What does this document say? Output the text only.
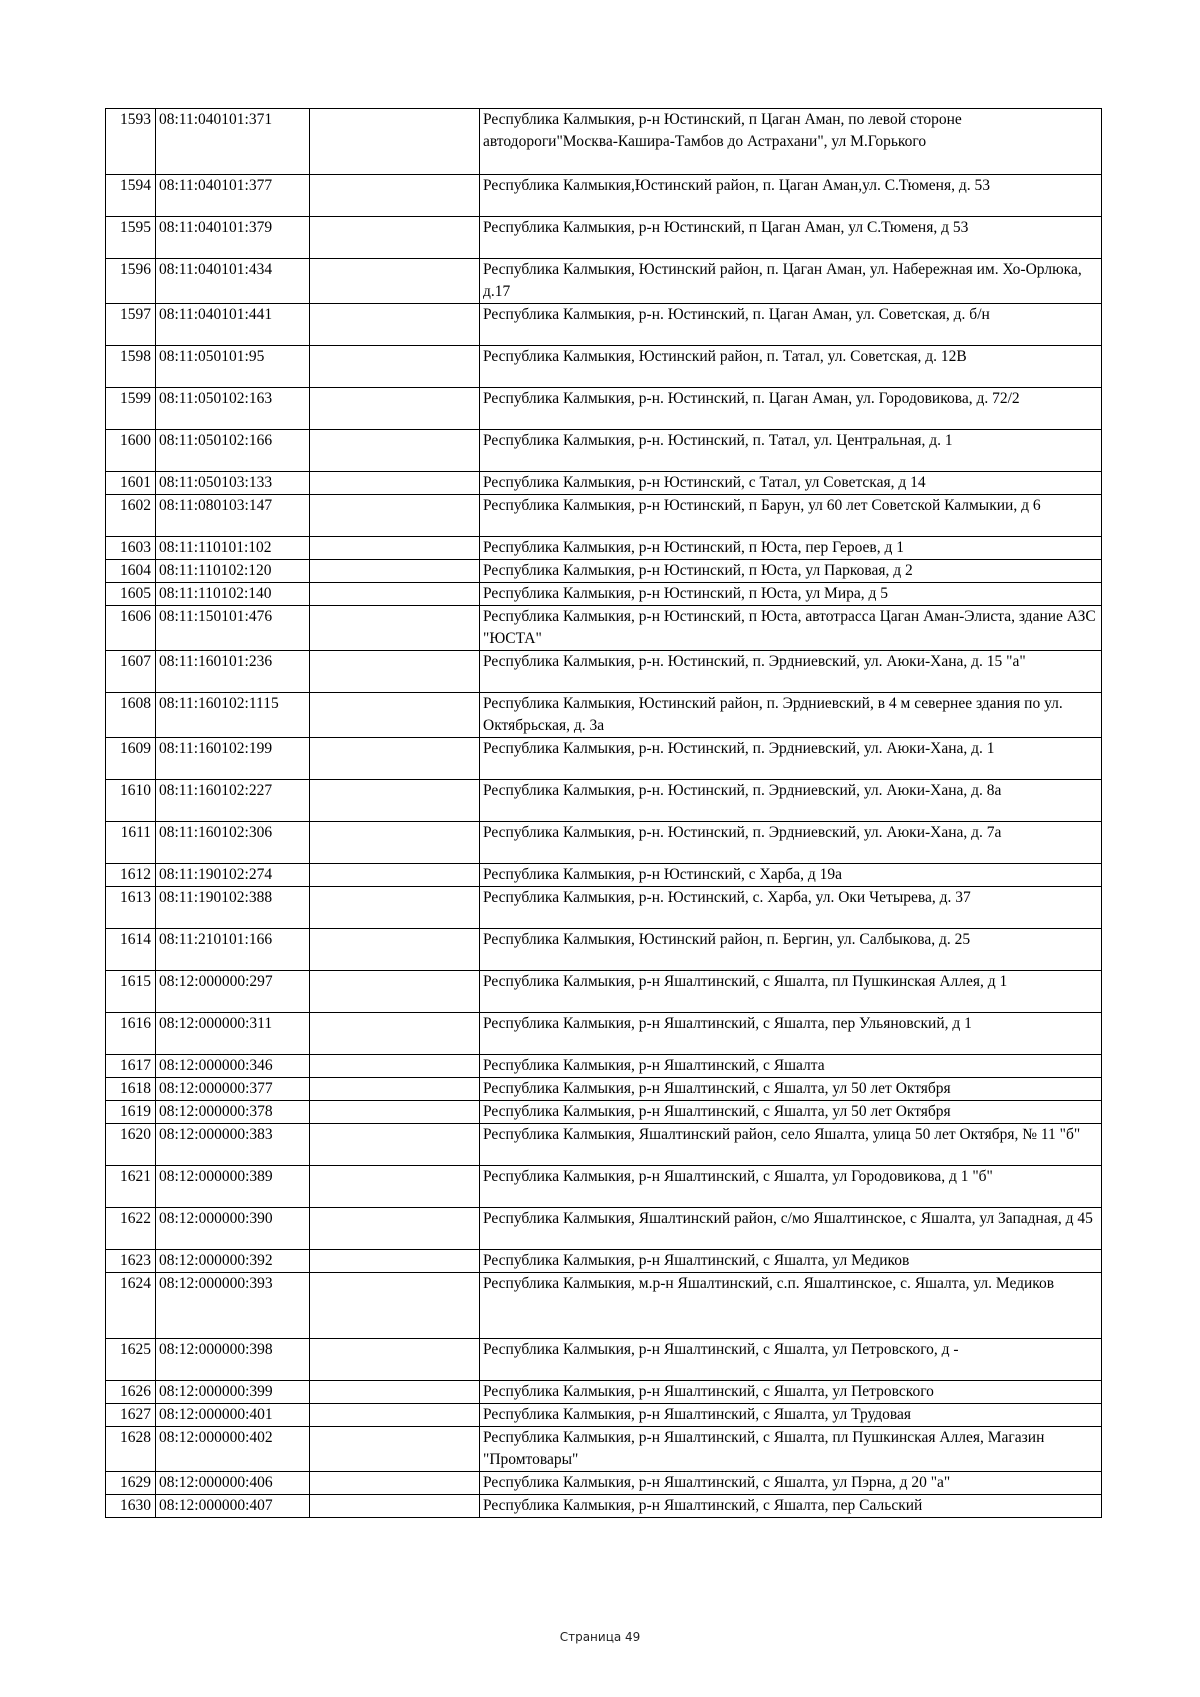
1593	08:11:040101:371		Республика Калмыкия, р-н Юстинский, п Цаган Аман, по левой стороне автодороги"Москва-Кашира-Тамбов до Астрахани", ул М.Горького
1594	08:11:040101:377		Республика Калмыкия,Юстинский район, п. Цаган Аман,ул. С.Тюменя, д. 53
1595	08:11:040101:379		Республика Калмыкия, р-н Юстинский, п Цаган Аман, ул С.Тюменя, д 53
1596	08:11:040101:434		Республика Калмыкия, Юстинский район, п. Цаган Аман, ул. Набережная им. Хо-Орлюка, д.17
1597	08:11:040101:441		Республика Калмыкия, р-н. Юстинский, п. Цаган Аман, ул. Советская, д. б/н
1598	08:11:050101:95		Республика Калмыкия, Юстинский район, п. Татал, ул. Советская, д. 12В
1599	08:11:050102:163		Республика Калмыкия, р-н. Юстинский, п. Цаган Аман, ул. Городовикова, д. 72/2
1600	08:11:050102:166		Республика Калмыкия, р-н. Юстинский, п. Татал, ул. Центральная, д. 1
1601	08:11:050103:133		Республика Калмыкия, р-н Юстинский, с Татал, ул Советская, д 14
1602	08:11:080103:147		Республика Калмыкия, р-н Юстинский, п Барун, ул 60 лет Советской Калмыкии, д 6
1603	08:11:110101:102		Республика Калмыкия, р-н Юстинский, п Юста, пер Героев, д 1
1604	08:11:110102:120		Республика Калмыкия, р-н Юстинский, п Юста, ул Парковая, д 2
1605	08:11:110102:140		Республика Калмыкия, р-н Юстинский, п Юста, ул Мира, д 5
1606	08:11:150101:476		Республика Калмыкия, р-н Юстинский, п Юста, автотрасса Цаган Аман-Элиста, здание АЗС "ЮСТА"
1607	08:11:160101:236		Республика Калмыкия, р-н. Юстинский, п. Эрдниевский, ул. Аюки-Хана, д. 15 "а"
1608	08:11:160102:1115		Республика Калмыкия, Юстинский район, п. Эрдниевский, в 4 м севернее здания по ул. Октябрьская, д. 3а
1609	08:11:160102:199		Республика Калмыкия, р-н. Юстинский, п. Эрдниевский, ул. Аюки-Хана, д. 1
1610	08:11:160102:227		Республика Калмыкия, р-н. Юстинский, п. Эрдниевский, ул. Аюки-Хана, д. 8а
1611	08:11:160102:306		Республика Калмыкия, р-н. Юстинский, п. Эрдниевский, ул. Аюки-Хана, д. 7а
1612	08:11:190102:274		Республика Калмыкия, р-н Юстинский, с Харба, д 19а
1613	08:11:190102:388		Республика Калмыкия, р-н. Юстинский, с. Харба, ул. Оки Четырева, д. 37
1614	08:11:210101:166		Республика Калмыкия, Юстинский район, п. Бергин, ул. Салбыкова, д. 25
1615	08:12:000000:297		Республика Калмыкия, р-н Яшалтинский, с Яшалта, пл Пушкинская Аллея, д 1
1616	08:12:000000:311		Республика Калмыкия, р-н Яшалтинский, с Яшалта, пер Ульяновский, д 1
1617	08:12:000000:346		Республика Калмыкия, р-н Яшалтинский, с Яшалта
1618	08:12:000000:377		Республика Калмыкия, р-н Яшалтинский, с Яшалта, ул 50 лет Октября
1619	08:12:000000:378		Республика Калмыкия, р-н Яшалтинский, с Яшалта, ул 50 лет Октября
1620	08:12:000000:383		Республика Калмыкия, Яшалтинский район, село Яшалта, улица 50 лет Октября, № 11 "б"
1621	08:12:000000:389		Республика Калмыкия, р-н Яшалтинский, с Яшалта, ул Городовикова, д 1 "б"
1622	08:12:000000:390		Республика Калмыкия, Яшалтинский район, с/мо Яшалтинское, с Яшалта, ул Западная, д 45
1623	08:12:000000:392		Республика Калмыкия, р-н Яшалтинский, с Яшалта, ул Медиков
1624	08:12:000000:393		Республика Калмыкия, м.р-н Яшалтинский, с.п. Яшалтинское, с. Яшалта, ул. Медиков
1625	08:12:000000:398		Республика Калмыкия, р-н Яшалтинский, с Яшалта, ул Петровского, д -
1626	08:12:000000:399		Республика Калмыкия, р-н Яшалтинский, с Яшалта, ул Петровского
1627	08:12:000000:401		Республика Калмыкия, р-н Яшалтинский, с Яшалта, ул Трудовая
1628	08:12:000000:402		Республика Калмыкия, р-н Яшалтинский, с Яшалта, пл Пушкинская Аллея, Магазин "Промтовары"
1629	08:12:000000:406		Республика Калмыкия, р-н Яшалтинский, с Яшалта, ул Пэрна, д 20 "а"
1630	08:12:000000:407		Республика Калмыкия, р-н Яшалтинский, с Яшалта, пер Сальский
Страница 49
